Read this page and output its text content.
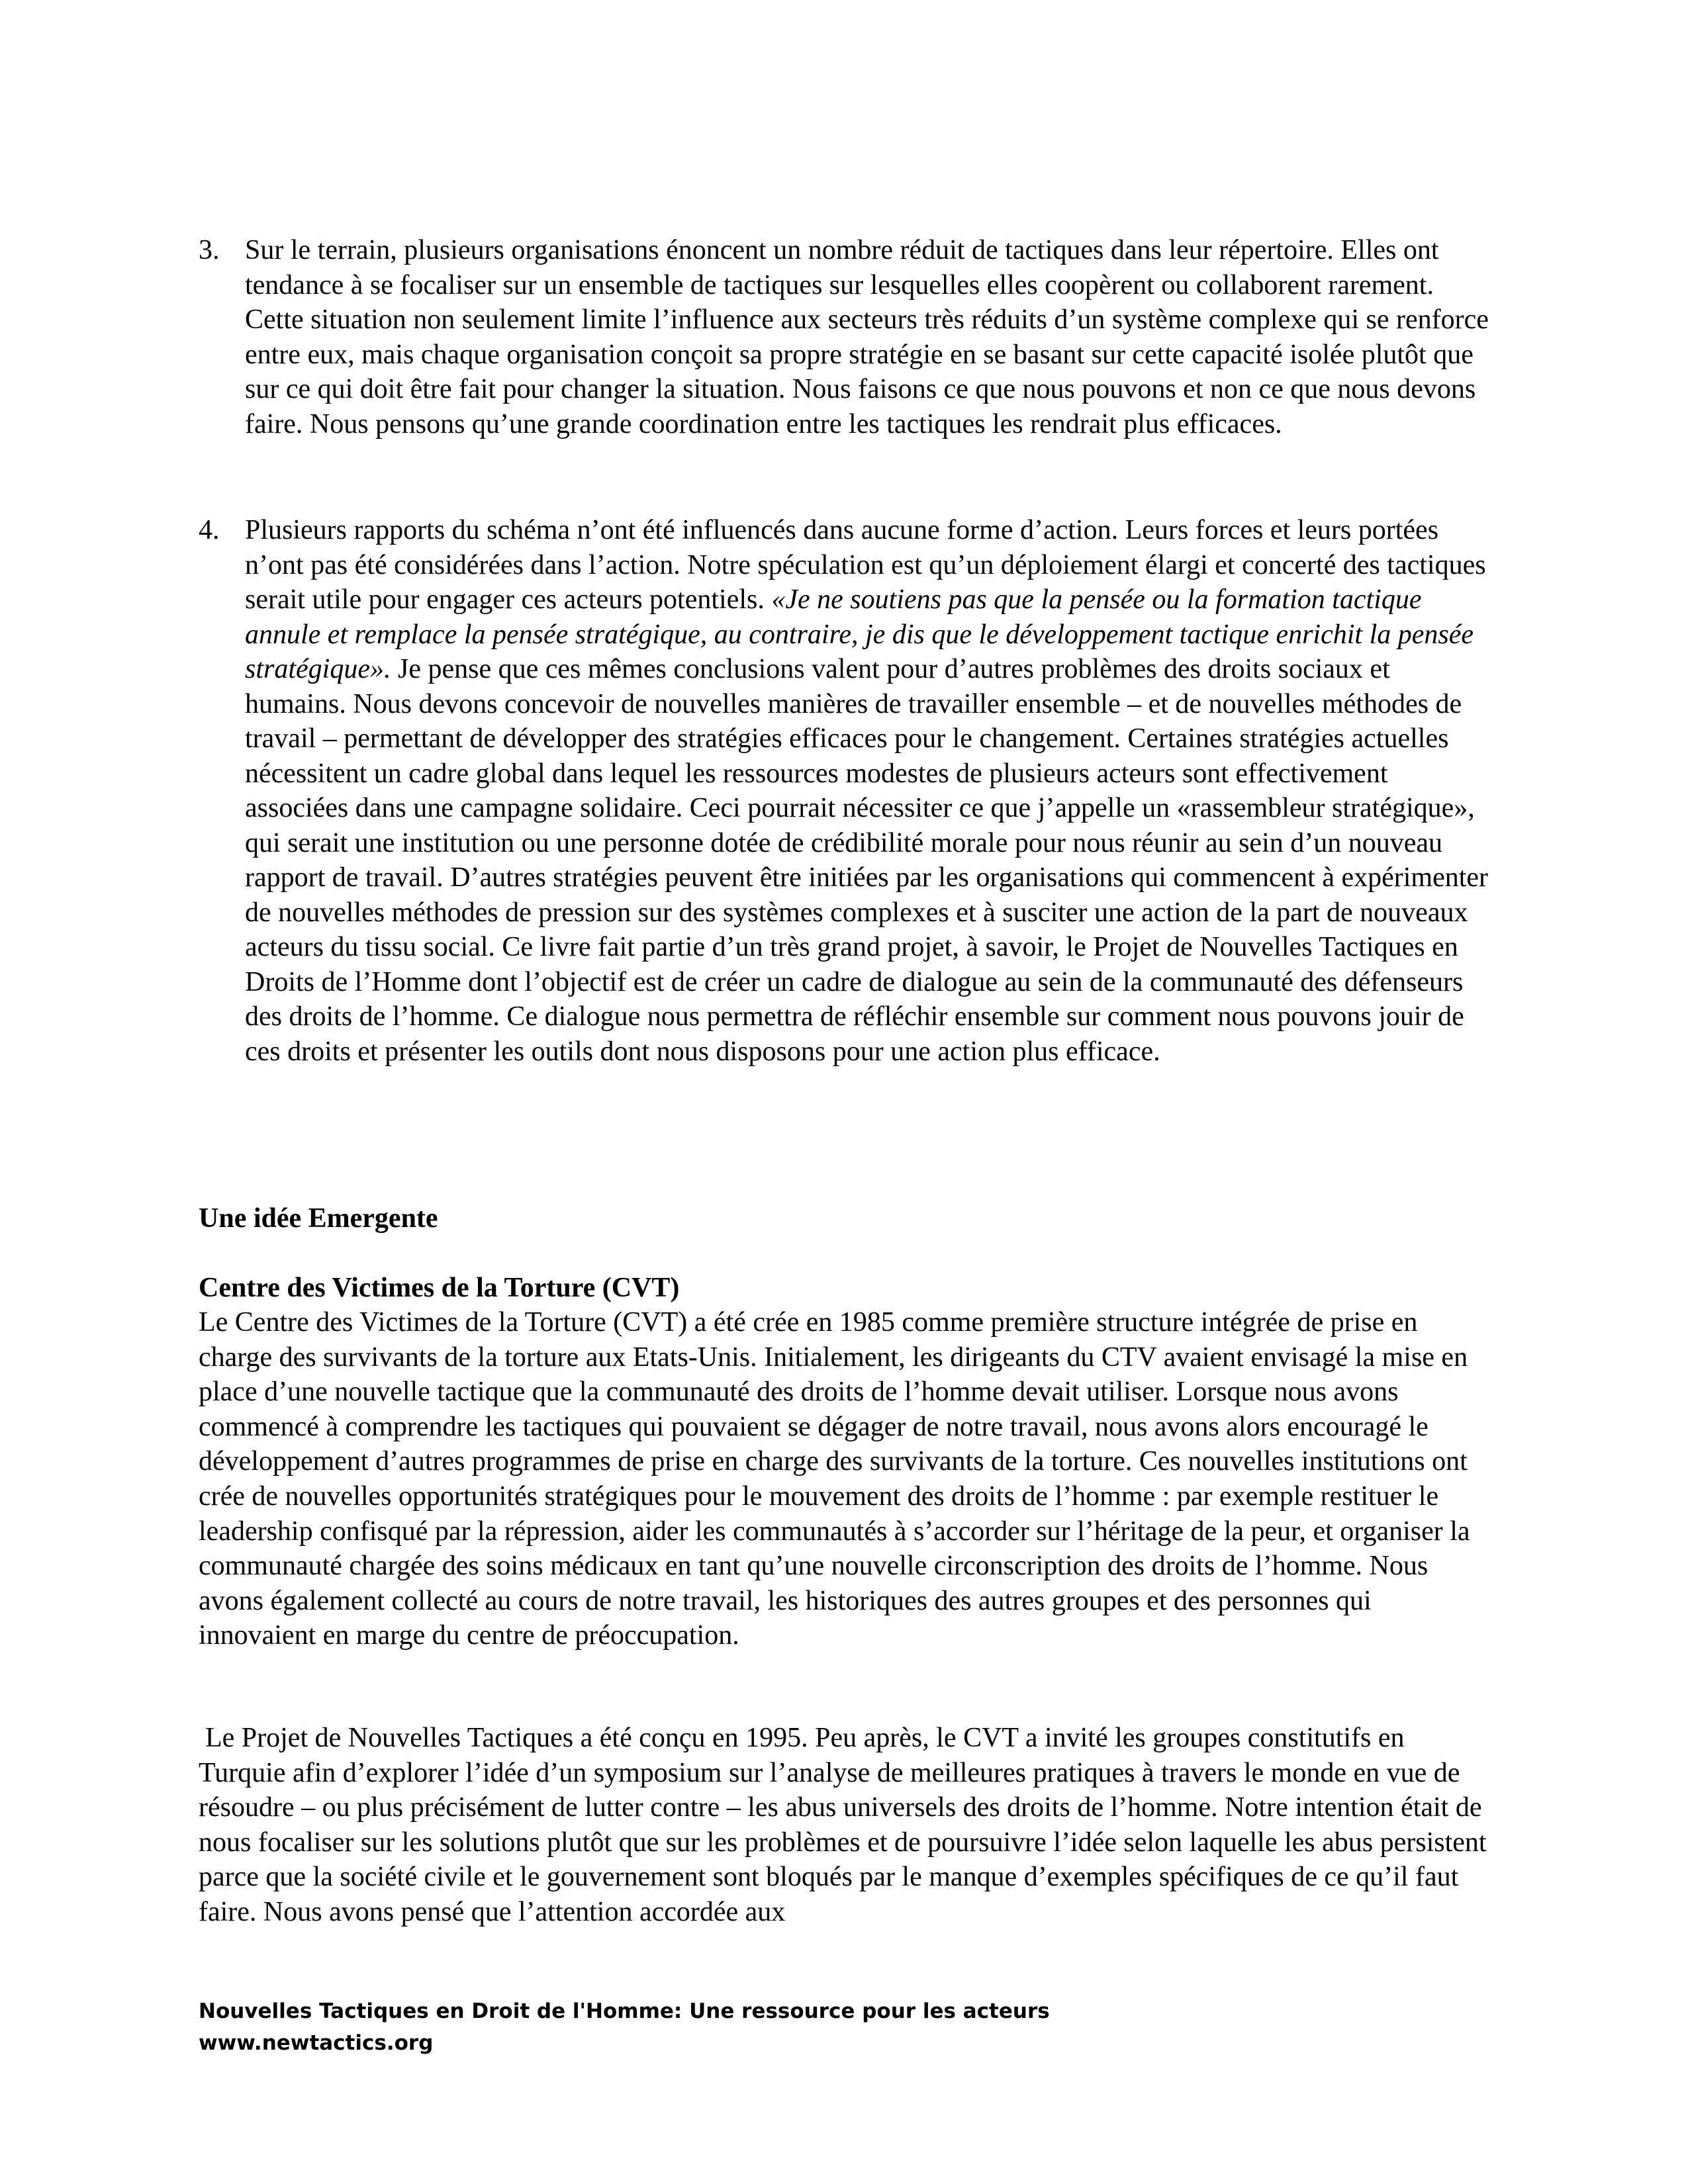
3. Sur le terrain, plusieurs organisations énoncent un nombre réduit de tactiques dans leur répertoire. Elles ont tendance à se focaliser sur un ensemble de tactiques sur lesquelles elles coopèrent ou collaborent rarement. Cette situation non seulement limite l’influence aux secteurs très réduits d’un système complexe qui se renforce entre eux, mais chaque organisation conçoit sa propre stratégie en se basant sur cette capacité isolée plutôt que sur ce qui doit être fait pour changer la situation. Nous faisons ce que nous pouvons et non ce que nous devons faire. Nous pensons qu’une grande coordination entre les tactiques les rendrait plus efficaces.
4. Plusieurs rapports du schéma n’ont été influencés dans aucune forme d’action. Leurs forces et leurs portées n’ont pas été considérées dans l’action. Notre spéculation est qu’un déploiement élargi et concerté des tactiques serait utile pour engager ces acteurs potentiels. «Je ne soutiens pas que la pensée ou la formation tactique annule et remplace la pensée stratégique, au contraire, je dis que le développement tactique enrichit la pensée stratégique». Je pense que ces mêmes conclusions valent pour d’autres problèmes des droits sociaux et humains. Nous devons concevoir de nouvelles manières de travailler ensemble – et de nouvelles méthodes de travail – permettant de développer des stratégies efficaces pour le changement. Certaines stratégies actuelles nécessitent un cadre global dans lequel les ressources modestes de plusieurs acteurs sont effectivement associées dans une campagne solidaire. Ceci pourrait nécessiter ce que j’appelle un «rassembleur stratégique», qui serait une institution ou une personne dotée de crédibilité morale pour nous réunir au sein d’un nouveau rapport de travail. D’autres stratégies peuvent être initiées par les organisations qui commencent à expérimenter de nouvelles méthodes de pression sur des systèmes complexes et à susciter une action de la part de nouveaux acteurs du tissu social. Ce livre fait partie d’un très grand projet, à savoir, le Projet de Nouvelles Tactiques en Droits de l’Homme dont l’objectif est de créer un cadre de dialogue au sein de la communauté des défenseurs des droits de l’homme. Ce dialogue nous permettra de réfléchir ensemble sur comment nous pouvons jouir de ces droits et présenter les outils dont nous disposons pour une action plus efficace.
Une idée Emergente
Centre des Victimes de la Torture (CVT)
Le Centre des Victimes de la Torture (CVT) a été crée en 1985 comme première structure intégrée de prise en charge des survivants de la torture aux Etats-Unis. Initialement, les dirigeants du CTV avaient envisagé la mise en place d’une nouvelle tactique que la communauté des droits de l’homme devait utiliser. Lorsque nous avons commencé à comprendre les tactiques qui pouvaient se dégager de notre travail, nous avons alors encouragé le développement d’autres programmes de prise en charge des survivants de la torture. Ces nouvelles institutions ont crée de nouvelles opportunités stratégiques pour le mouvement des droits de l’homme : par exemple restituer le leadership confisqué par la répression, aider les communautés à s’accorder sur l’héritage de la peur, et organiser la communauté chargée des soins médicaux en tant qu’une nouvelle circonscription des droits de l’homme. Nous avons également collecté au cours de notre travail, les historiques des autres groupes et des personnes qui innovaient en marge du centre de préoccupation.
Le Projet de Nouvelles Tactiques a été conçu en 1995. Peu après, le CVT a invité les groupes constitutifs en Turquie afin d’explorer l’idée d’un symposium sur l’analyse de meilleures pratiques à travers le monde en vue de résoudre – ou plus précisément de lutter contre – les abus universels des droits de l’homme. Notre intention était de nous focaliser sur les solutions plutôt que sur les problèmes et de poursuivre l’idée selon laquelle les abus persistent parce que la société civile et le gouvernement sont bloqués par le manque d’exemples spécifiques de ce qu’il faut faire. Nous avons pensé que l’attention accordée aux
Nouvelles Tactiques en Droit de l'Homme: Une ressource pour les acteurs
www.newtactics.org
